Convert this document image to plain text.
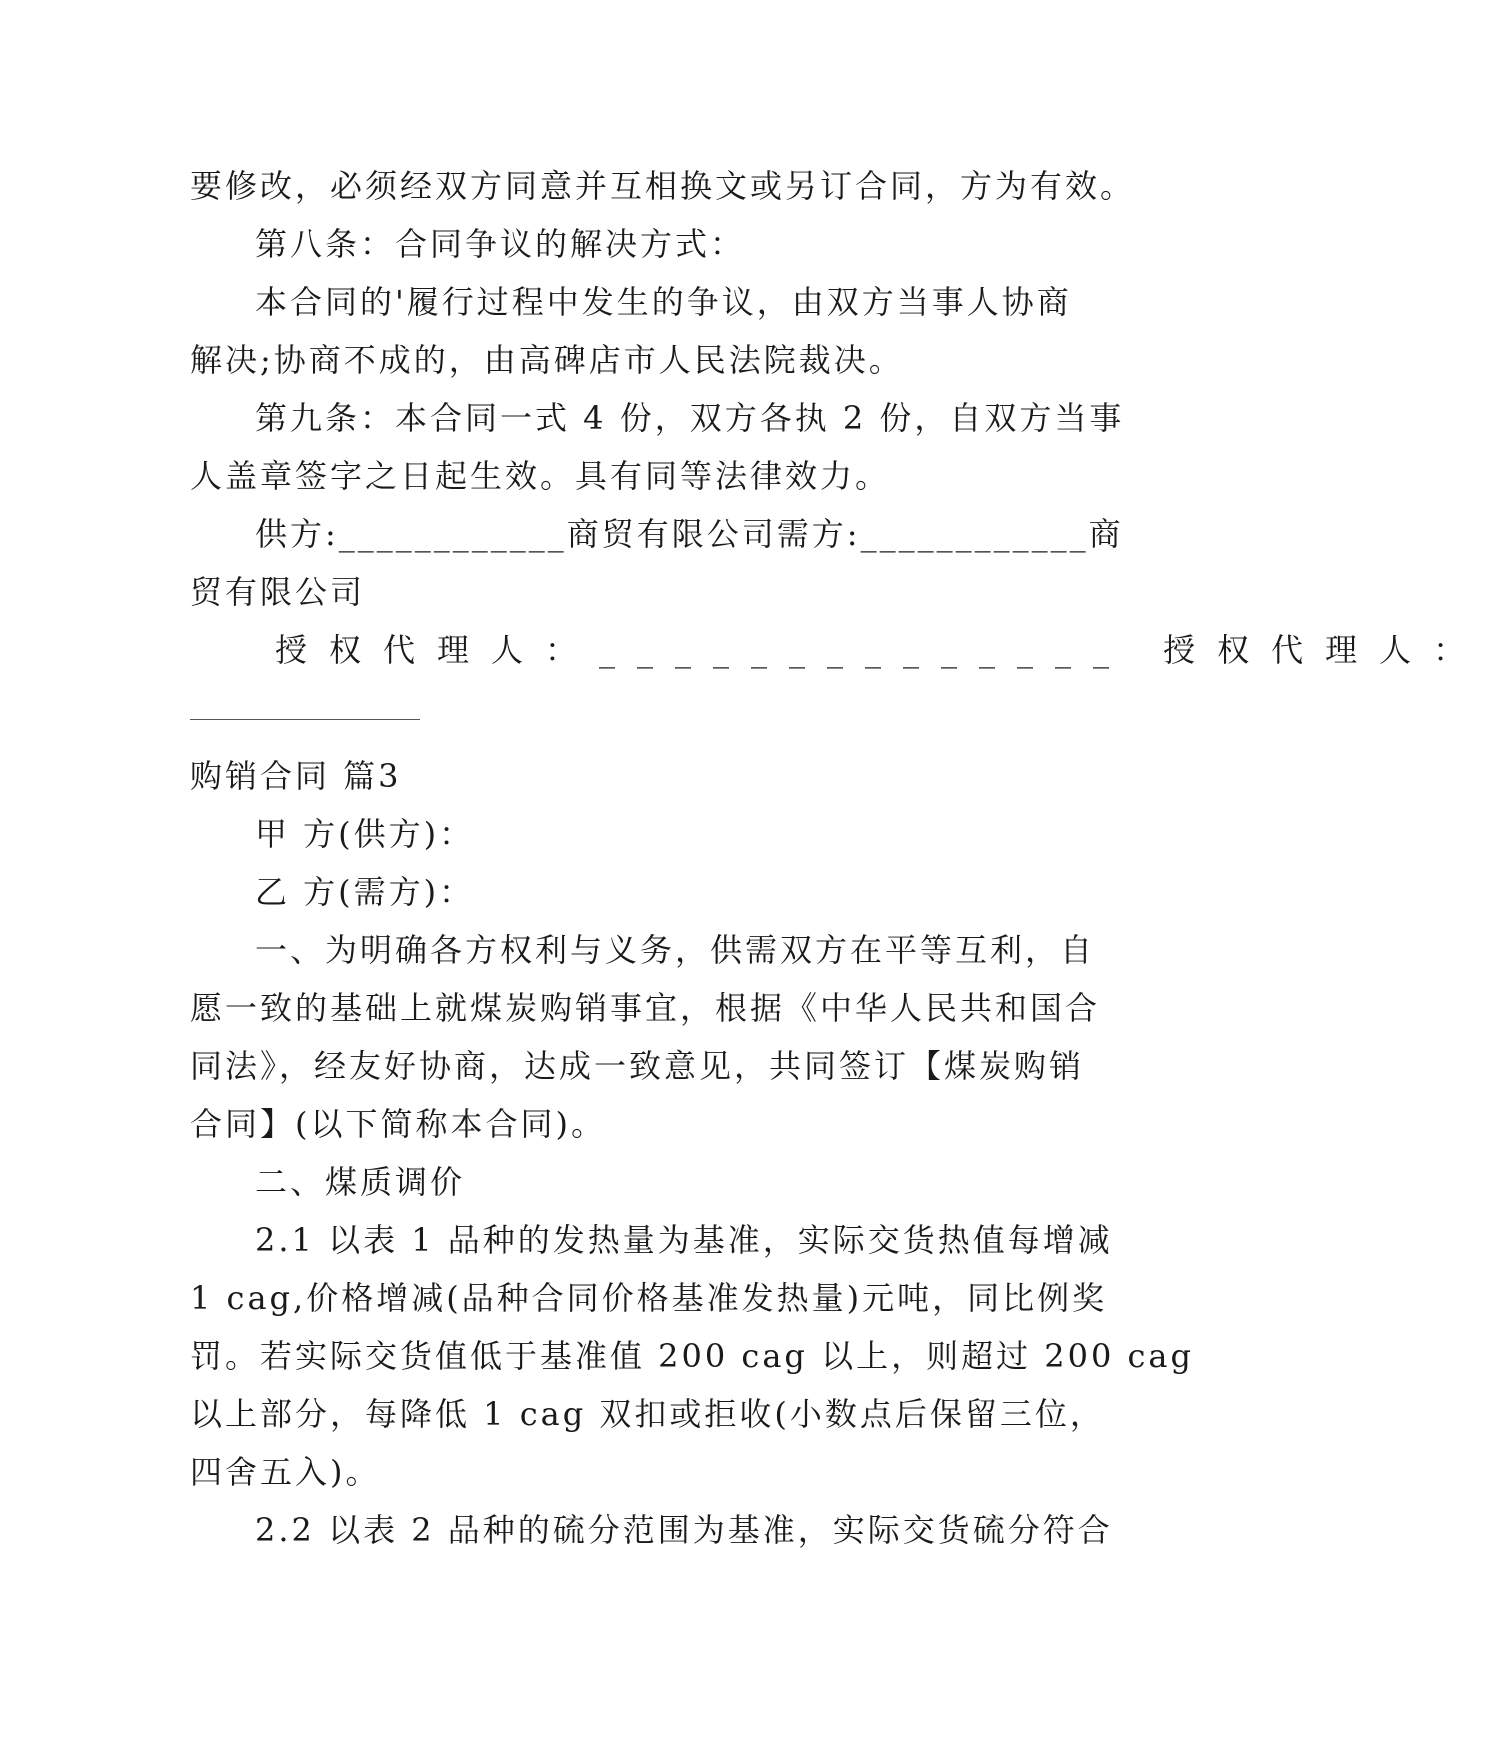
要修改，必须经双方同意并互相换文或另订合同，方为有效。
第八条：合同争议的解决方式：
本合同的'履行过程中发生的争议，由双方当事人协商
解决;协商不成的，由高碑店市人民法院裁决。
第九条：本合同一式 4 份，双方各执 2 份，自双方当事
人盖章签字之日起生效。具有同等法律效力。
供方:____________商贸有限公司需方:____________商
贸有限公司
授权代理人：______________ 授权代理人：
购销合同 篇3
甲 方(供方)：
乙 方(需方)：
一、为明确各方权利与义务，供需双方在平等互利，自
愿一致的基础上就煤炭购销事宜，根据《中华人民共和国合
同法》，经友好协商，达成一致意见，共同签订【煤炭购销
合同】(以下简称本合同)。
二、煤质调价
2.1 以表 1 品种的发热量为基准，实际交货热值每增减
1 cag,价格增减(品种合同价格基准发热量)元吨，同比例奖
罚。若实际交货值低于基准值 200 cag 以上，则超过 200 cag
以上部分，每降低 1 cag 双扣或拒收(小数点后保留三位，
四舍五入)。
2.2 以表 2 品种的硫分范围为基准，实际交货硫分符合
